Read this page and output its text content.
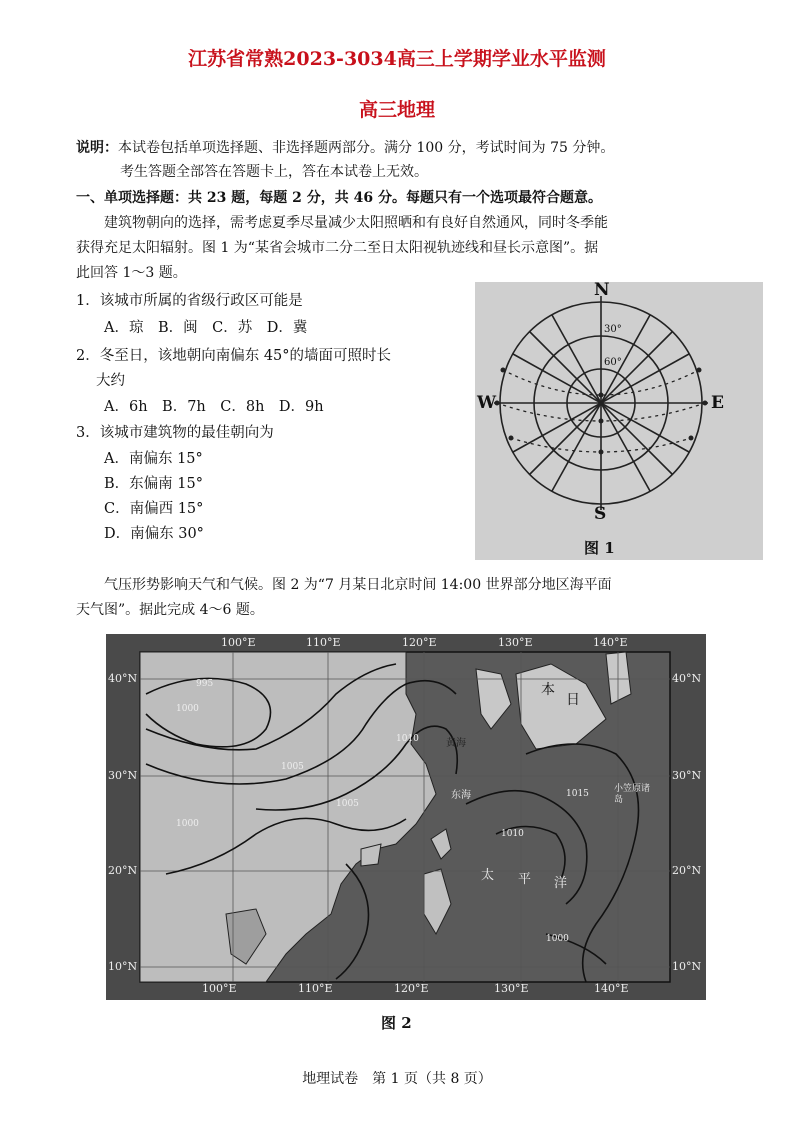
江苏省常熟2023-3034高三上学期学业水平监测
高三地理
说明：本试卷包括单项选择题、非选择题两部分。满分 100 分，考试时间为 75 分钟。
考生答题全部答在答题卡上，答在本试卷上无效。
一、单项选择题：共 23 题，每题 2 分，共 46 分。每题只有一个选项最符合题意。
建筑物朝向的选择，需考虑夏季尽量减少太阳照晒和有良好自然通风，同时冬季能
获得充足太阳辐射。图 1 为“某省会城市二分二至日太阳视轨迹线和昼长示意图”。据
此回答 1～3 题。
1．该城市所属的省级行政区可能是
A．琼　B．闽　C．苏　D．冀
2．冬至日，该地朝向南偏东 45°的墙面可照时长
大约
A．6h　B．7h　C．8h　D．9h
3．该城市建筑物的最佳朝向为
A．南偏东 15°
B．东偏南 15°
C．南偏西 15°
D．南偏东 30°
N
S
W	E
30°
60°
图 1
气压形势影响天气和气候。图 2 为“7 月某日北京时间 14:00 世界部分地区海平面
天气图”。据此完成 4～6 题。
100°E	110°E	120°E	130°E	140°E
100°E	110°E	120°E	130°E	140°E
40°N
30°N
20°N
10°N
40°N
30°N
20°N
10°N
日
本
太 平 洋
小笠原诸岛
黄海
东海
995
1000
1005
1010
1000
1005
1010
1015
1000
图 2
地理试卷　第 1 页（共 8 页）
